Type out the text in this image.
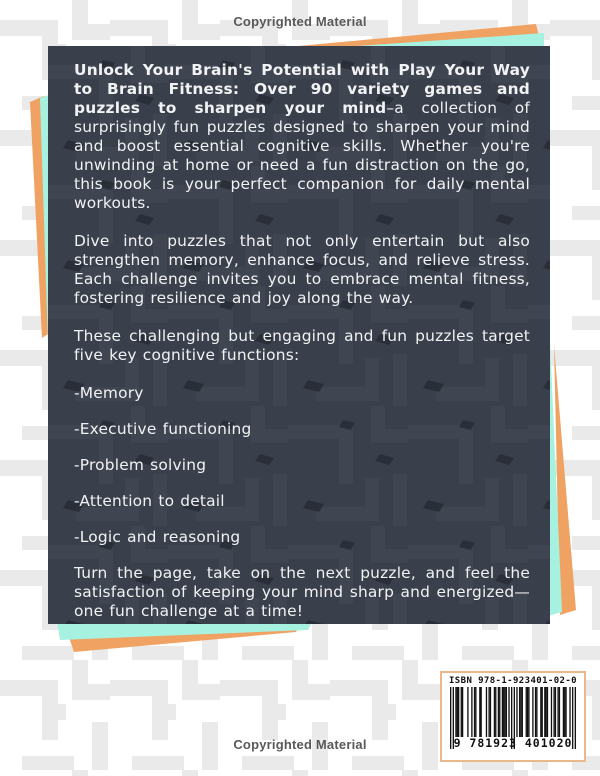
Copyrighted Material

Unlock Your Brain's Potential with Play Your Way to Brain Fitness: Over 90 variety games and puzzles to sharpen your mind–a collection of surprisingly fun puzzles designed to sharpen your mind and boost essential cognitive skills. Whether you're unwinding at home or need a fun distraction on the go, this book is your perfect companion for daily mental workouts.

Dive into puzzles that not only entertain but also strengthen memory, enhance focus, and relieve stress. Each challenge invites you to embrace mental fitness, fostering resilience and joy along the way.

These challenging but engaging and fun puzzles target five key cognitive functions:

-Memory

-Executive functioning

-Problem solving

-Attention to detail

-Logic and reasoning

Turn the page, take on the next puzzle, and feel the satisfaction of keeping your mind sharp and energized—one fun challenge at a time!

ISBN 978-1-923401-02-0
9 781923 401020
Copyrighted Material
